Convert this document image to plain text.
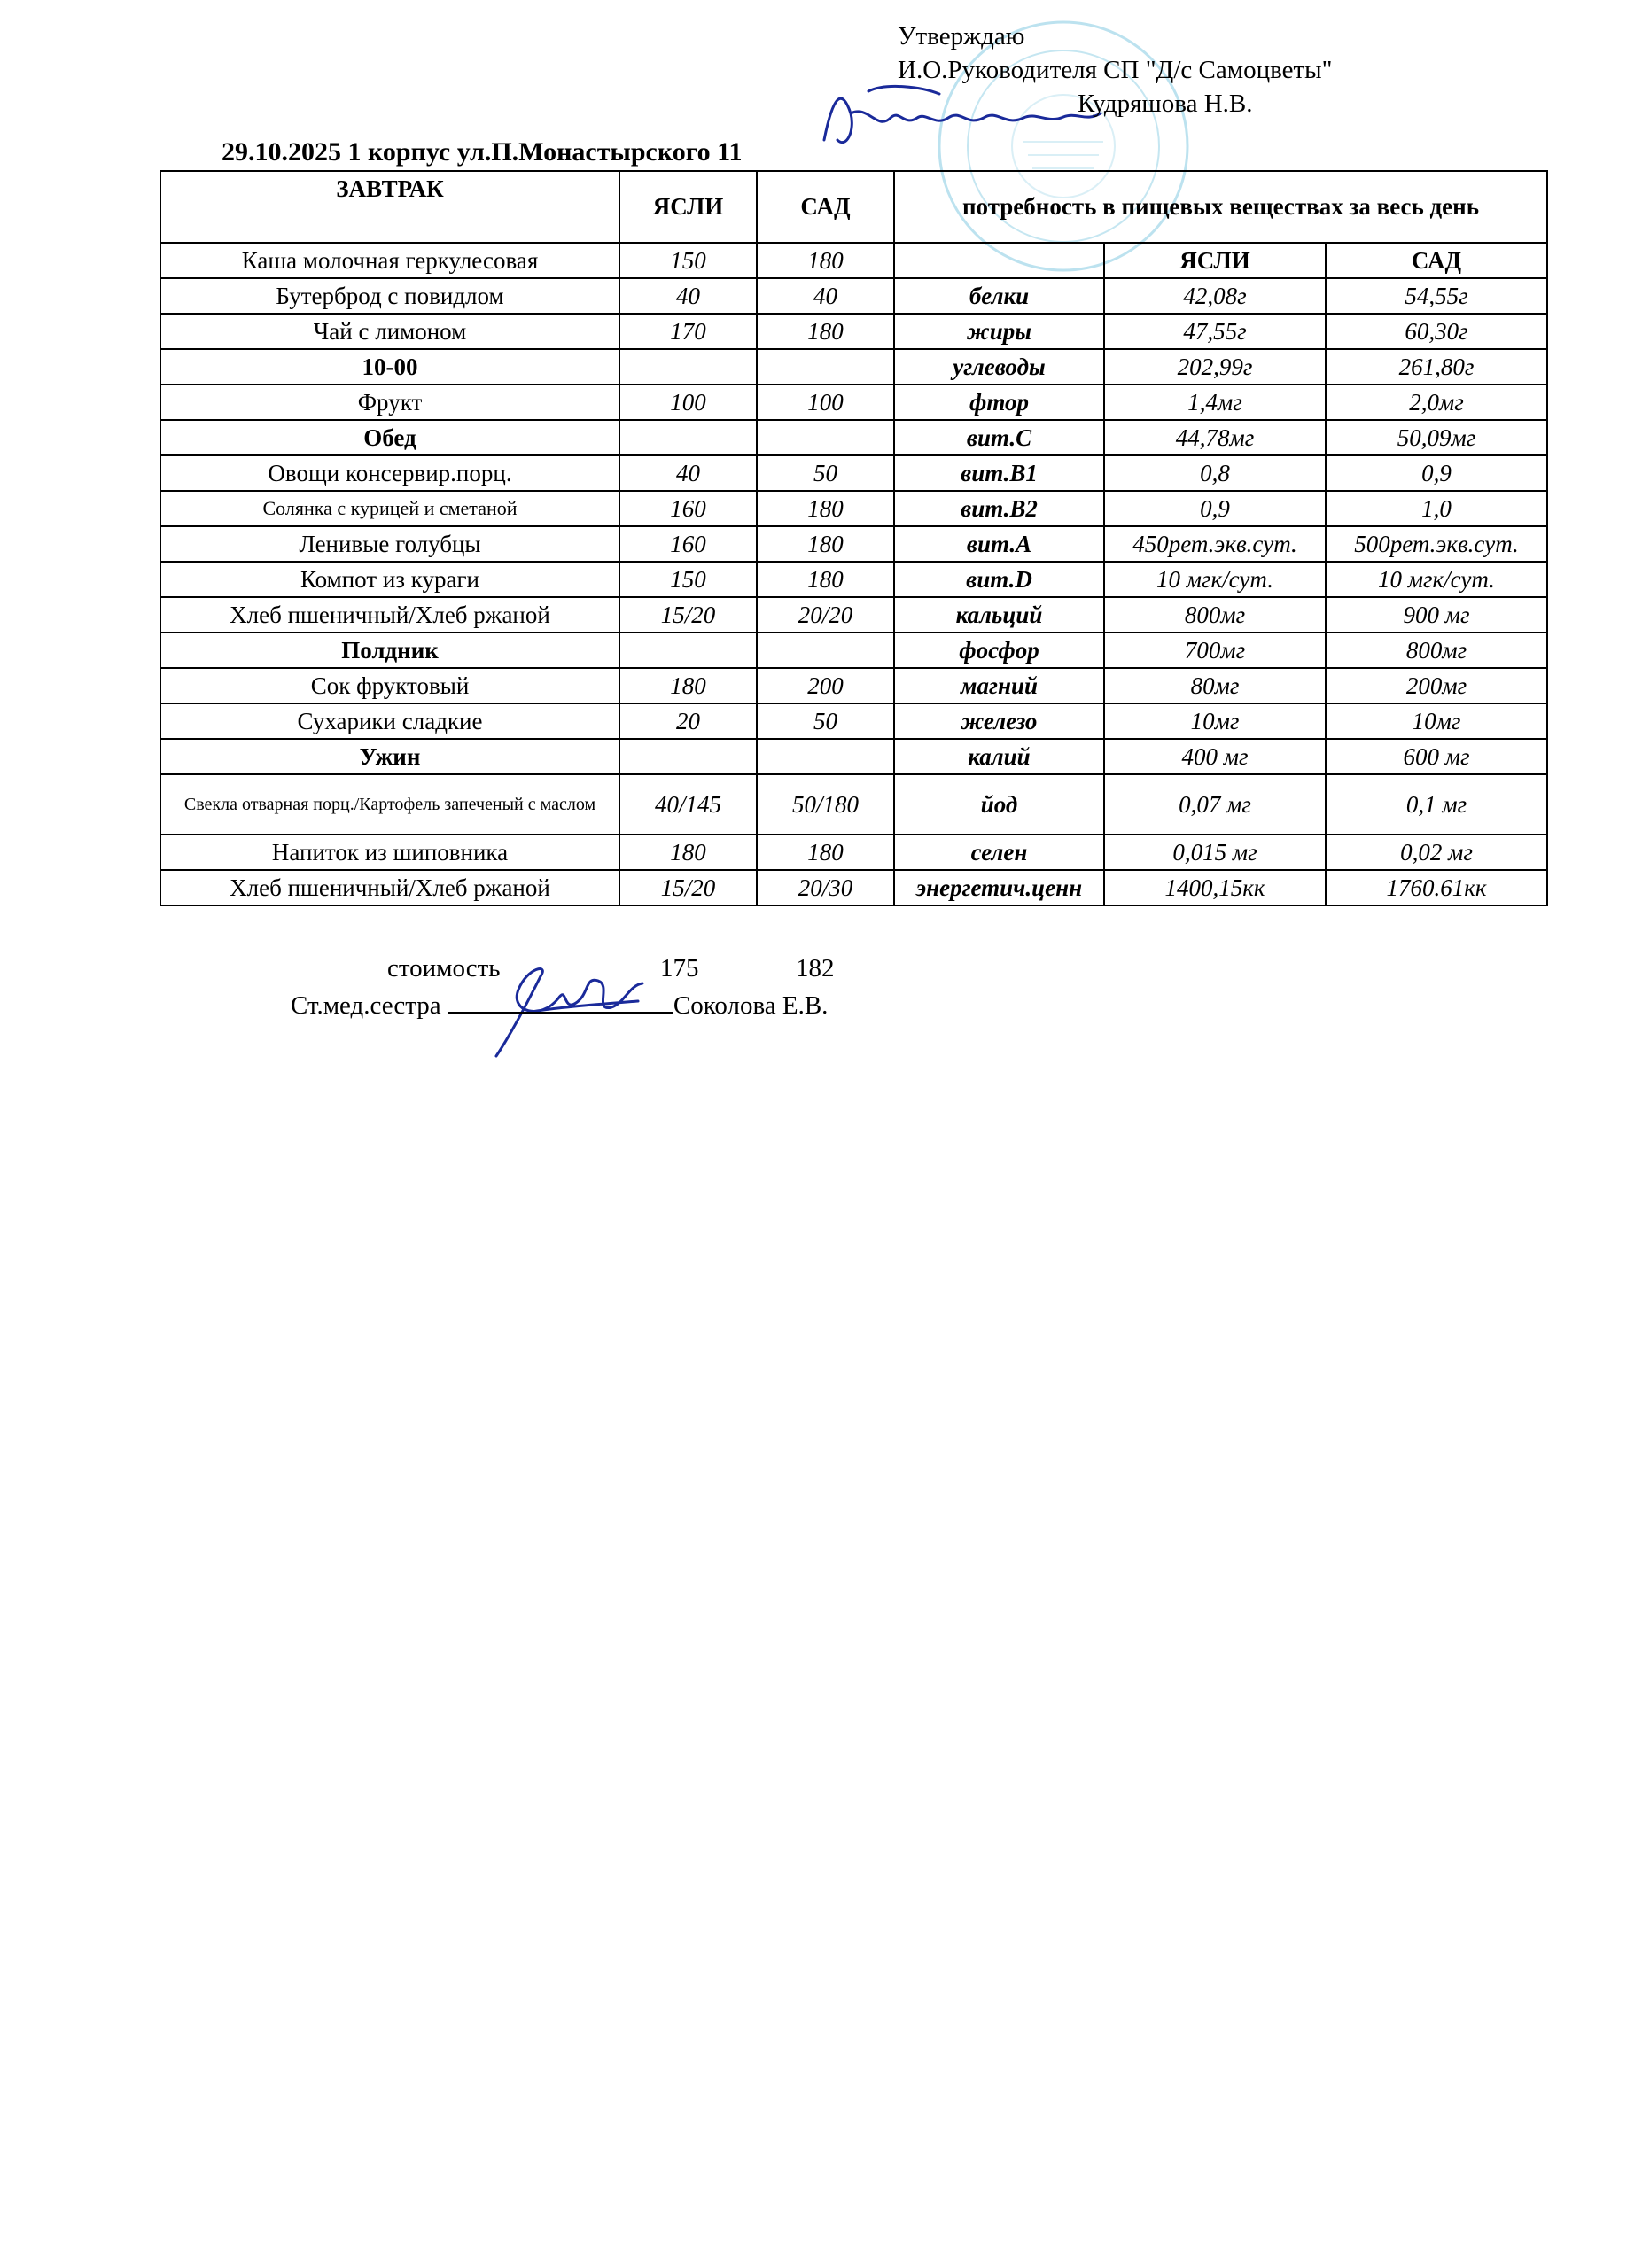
Утверждаю
И.О.Руководителя СП "Д/с Самоцветы"
Кудряшова Н.В.
29.10.2025 1 корпус ул.П.Монастырского 11
ЗАВТРАК	ЯСЛИ	САД	потребность в пищевых веществах за весь день		
Каша молочная геркулесовая	150	180		ЯСЛИ	САД
Бутерброд с повидлом	40	40	белки	42,08г	54,55г
Чай с лимоном	170	180	жиры	47,55г	60,30г
10-00			углеводы	202,99г	261,80г
Фрукт	100	100	фтор	1,4мг	2,0мг
Обед			вит.С	44,78мг	50,09мг
Овощи консервир.порц.	40	50	вит.В1	0,8	0,9
Солянка с курицей и сметаной	160	180	вит.В2	0,9	1,0
Ленивые голубцы	160	180	вит.А	450рет.экв.сут.	500рет.экв.сут.
Компот из кураги	150	180	вит.D	10 мгк/сут.	10 мгк/сут.
Хлеб пшеничный/Хлеб ржаной	15/20	20/20	кальций	800мг	900 мг
Полдник			фосфор	700мг	800мг
Сок фруктовый	180	200	магний	80мг	200мг
Сухарики сладкие	20	50	железо	10мг	10мг
Ужин			калий	400 мг	600 мг
Свекла отварная порц./Картофель запеченый с маслом	40/145	50/180	йод	0,07 мг	0,1 мг
Напиток из шиповника	180	180	селен	0,015 мг	0,02 мг
Хлеб пшеничный/Хлеб ржаной	15/20	20/30	энергетич.ценн	1400,15кк	1760.61кк
стоимость	175	182
Ст.мед.сестра	Соколова Е.В.
